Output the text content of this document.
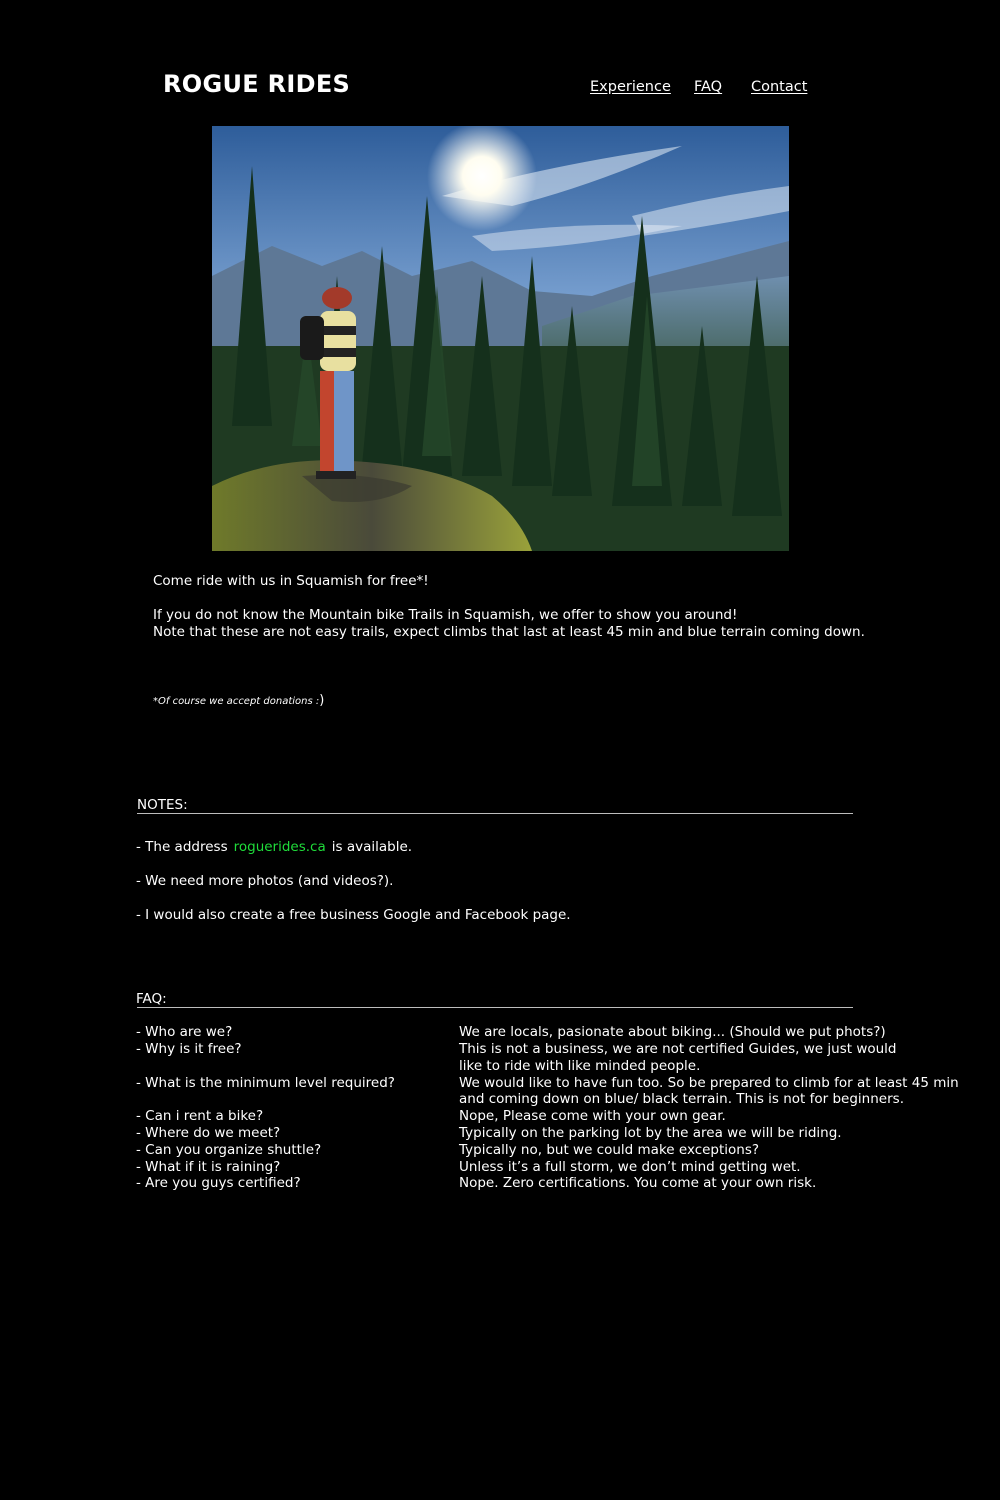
ROGUE RIDES	Experience FAQ Contact
Come ride with us in Squamish for free*!
If you do not know the Mountain bike Trails in Squamish, we offer to show you around!
Note that these are not easy trails, expect climbs that last at least 45 min and blue terrain coming down.
*Of course we accept donations :)
NOTES:
- The address roguerides.ca is available.
- We need more photos (and videos?).
- I would also create a free business Google and Facebook page.
FAQ:
- Who are we?	We are locals, pasionate about biking... (Should we put phots?)
- Why is it free?	This is not a business, we are not certified Guides, we just would
like to ride with like minded people.
- What is the minimum level required?	We would like to have fun too. So be prepared to climb for at least 45 min
and coming down on blue/ black terrain. This is not for beginners.
- Can i rent a bike?	Nope, Please come with your own gear.
- Where do we meet?	Typically on the parking lot by the area we will be riding.
- Can you organize shuttle?	Typically no, but we could make exceptions?
- What if it is raining?	Unless it’s a full storm, we don’t mind getting wet.
- Are you guys certified?	Nope. Zero certifications. You come at your own risk.
